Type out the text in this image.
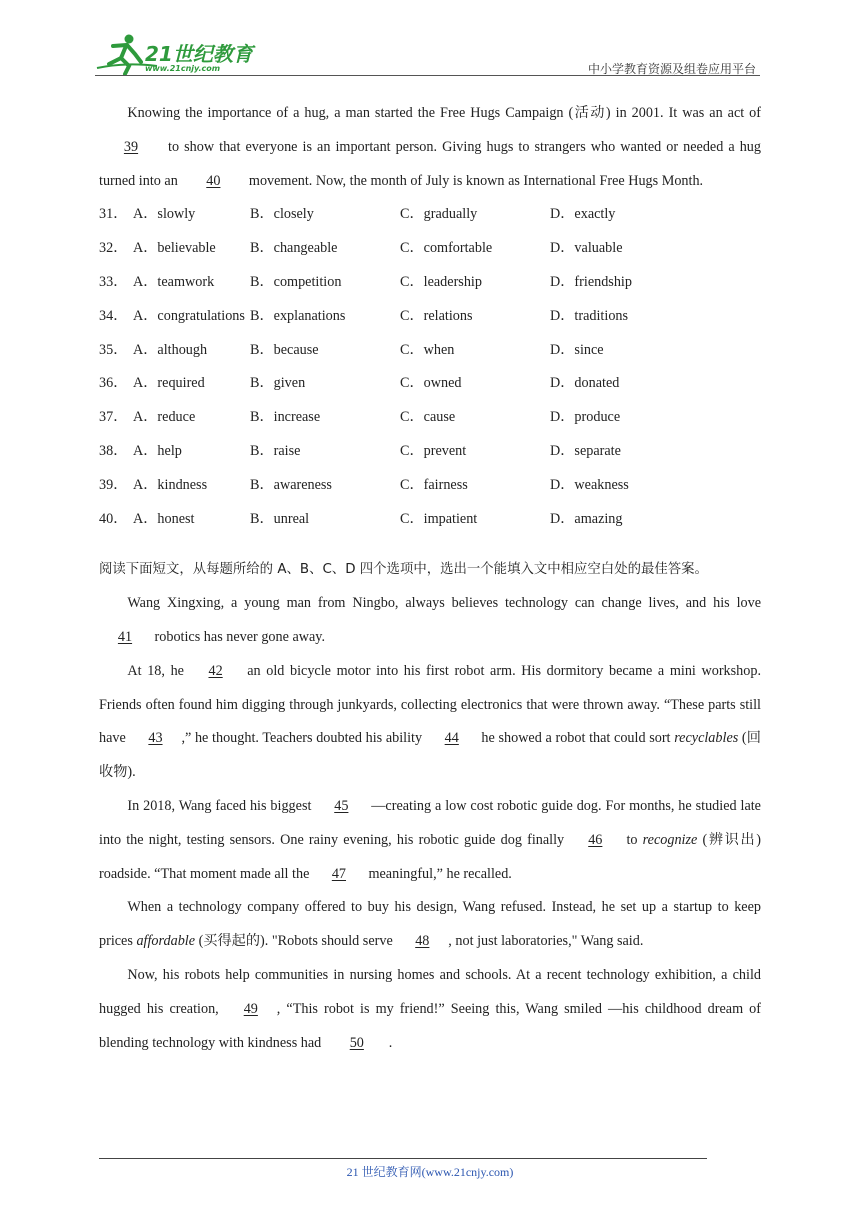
21世纪教育
www.21cnjy.com	中小学教育资源及组卷应用平台

Knowing the importance of a hug, a man started the Free Hugs Campaign (活动) in 2001. It was an act of 39 to show that everyone is an important person. Giving hugs to strangers who wanted or needed a hug turned into an 40 movement. Now, the month of July is known as International Free Hugs Month.

31． A．slowly	B．closely	C．gradually	D．exactly
32． A．believable	B．changeable	C．comfortable	D．valuable
33． A．teamwork	B．competition	C．leadership	D．friendship
34． A．congratulations B．explanations	C．relations	D．traditions
35． A．although	B．because	C．when	D．since
36． A．required	B．given	C．owned	D．donated
37． A．reduce	B．increase	C．cause	D．produce
38． A．help	B．raise	C．prevent	D．separate
39． A．kindness	B．awareness	C．fairness	D．weakness
40． A．honest	B．unreal	C．impatient	D．amazing

阅读下面短文，从每题所给的 A、B、C、D 四个选项中，选出一个能填入文中相应空白处的最佳答案。

Wang Xingxing, a young man from Ningbo, always believes technology can change lives, and his love 41 robotics has never gone away.

At 18, he 42 an old bicycle motor into his first robot arm. His dormitory became a mini workshop. Friends often found him digging through junkyards, collecting electronics that were thrown away. “These parts still have 43 ,” he thought. Teachers doubted his ability 44 he showed a robot that could sort recyclables (回收物).

In 2018, Wang faced his biggest 45 —creating a low cost robotic guide dog. For months, he studied late into the night, testing sensors. One rainy evening, his robotic guide dog finally 46 to recognize (辨识出) roadside. “That moment made all the 47 meaningful,” he recalled.

When a technology company offered to buy his design, Wang refused. Instead, he set up a startup to keep prices affordable (买得起的). "Robots should serve 48 , not just laboratories," Wang said.

Now, his robots help communities in nursing homes and schools. At a recent technology exhibition, a child hugged his creation, 49 , “This robot is my friend!” Seeing this, Wang smiled —his childhood dream of blending technology with kindness had 50 .

21 世纪教育网(www.21cnjy.com)
